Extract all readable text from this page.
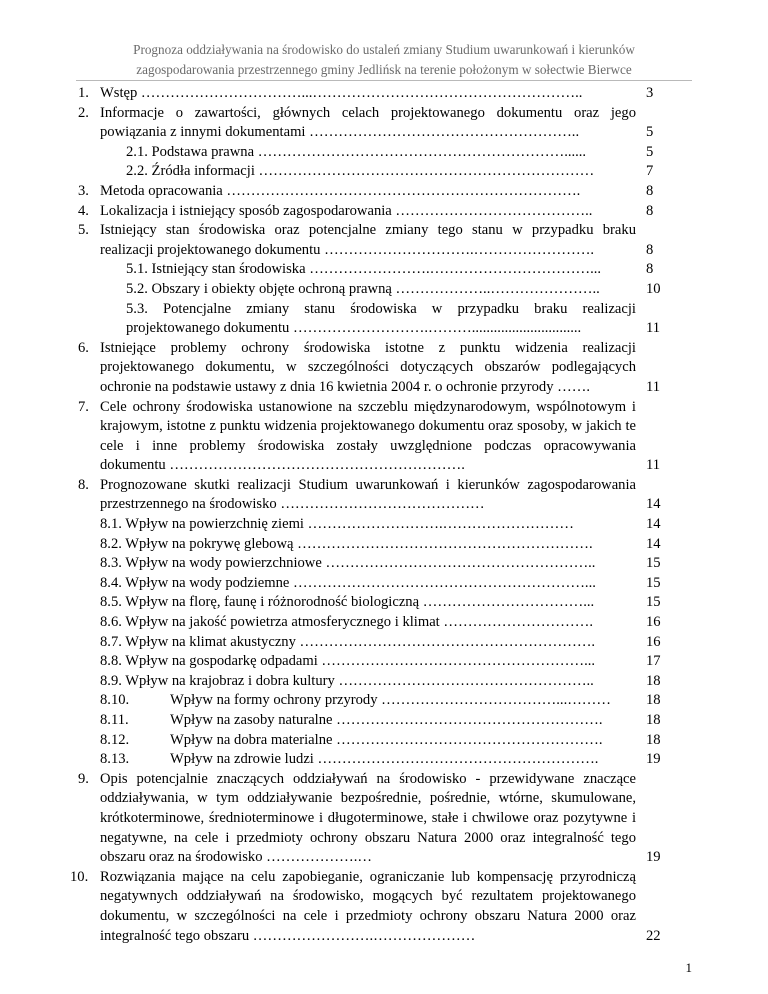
Prognoza oddziaływania na środowisko do ustaleń zmiany Studium uwarunkowań i kierunków
zagospodarowania przestrzennego gminy Jedlińsk na terenie położonym w sołectwie Bierwce
1. Wstęp ……………………………...………………………………………………..	3
2. Informacje o zawartości, głównych celach projektowanego dokumentu oraz jego powiązania z innymi dokumentami ………………………………………………..	5
2.1. Podstawa prawna ………………………………………………………......	5
2.2. Źródła informacji ……………………………………………………………	7
3. Metoda opracowania ……………………………………………………………….	8
4. Lokalizacja i istniejący sposób zagospodarowania …………………………………..	8
5. Istniejący stan środowiska oraz potencjalne zmiany tego stanu w przypadku braku realizacji projektowanego dokumentu ………………………….…………………….	8
5.1. Istniejący stan środowiska …………………….……………………………...	8
5.2. Obszary i obiekty objęte ochroną prawną ………………..…………………..	10
5.3. Potencjalne zmiany stanu środowiska w przypadku braku realizacji projektowanego dokumentu ……………………….………..............................	11
6. Istniejące problemy ochrony środowiska istotne z punktu widzenia realizacji projektowanego dokumentu, w szczególności dotyczących obszarów podlegających ochronie na podstawie ustawy z dnia 16 kwietnia 2004 r. o ochronie przyrody …….	11
7. Cele ochrony środowiska ustanowione na szczeblu międzynarodowym, wspólnotowym i krajowym, istotne z punktu widzenia projektowanego dokumentu oraz sposoby, w jakich te cele i inne problemy środowiska zostały uwzględnione podczas opracowywania dokumentu …………………………………………………….	11
8. Prognozowane skutki realizacji Studium uwarunkowań i kierunków zagospodarowania przestrzennego na środowisko ……………………………………	14
8.1. Wpływ na powierzchnię ziemi ……………………….………………………	14
8.2. Wpływ na pokrywę glebową …………………………………………………….	14
8.3. Wpływ na wody powierzchniowe ………………………………………………..	15
8.4. Wpływ na wody podziemne ……………………………………………………...	15
8.5. Wpływ na florę, faunę i różnorodność biologiczną ……………………………...	15
8.6. Wpływ na jakość powietrza atmosferycznego i klimat ………………………….	16
8.7. Wpływ na klimat akustyczny …………………………………………………….	16
8.8. Wpływ na gospodarkę odpadami ………………………………………………...	17
8.9. Wpływ na krajobraz i dobra kultury ……………………………………………..	18
8.10.	Wpływ na formy ochrony przyrody ………………………………...……… 18
8.11.	Wpływ na zasoby naturalne ……………………………………………….	18
8.12.	Wpływ na dobra materialne ……………………………………………….	18
8.13.	Wpływ na zdrowie ludzi ………………………………………………….	19
9. Opis potencjalnie znaczących oddziaływań na środowisko - przewidywane znaczące oddziaływania, w tym oddziaływanie bezpośrednie, pośrednie, wtórne, skumulowane, krótkoterminowe, średnioterminowe i długoterminowe, stałe i chwilowe oraz pozytywne i negatywne, na cele i przedmioty ochrony obszaru Natura 2000 oraz integralność tego obszaru oraz na środowisko ……………….…	19
10. Rozwiązania mające na celu zapobieganie, ograniczanie lub kompensację przyrodniczą negatywnych oddziaływań na środowisko, mogących być rezultatem projektowanego dokumentu, w szczególności na cele i przedmioty ochrony obszaru Natura 2000 oraz integralność tego obszaru …………………….…………………	22
1
